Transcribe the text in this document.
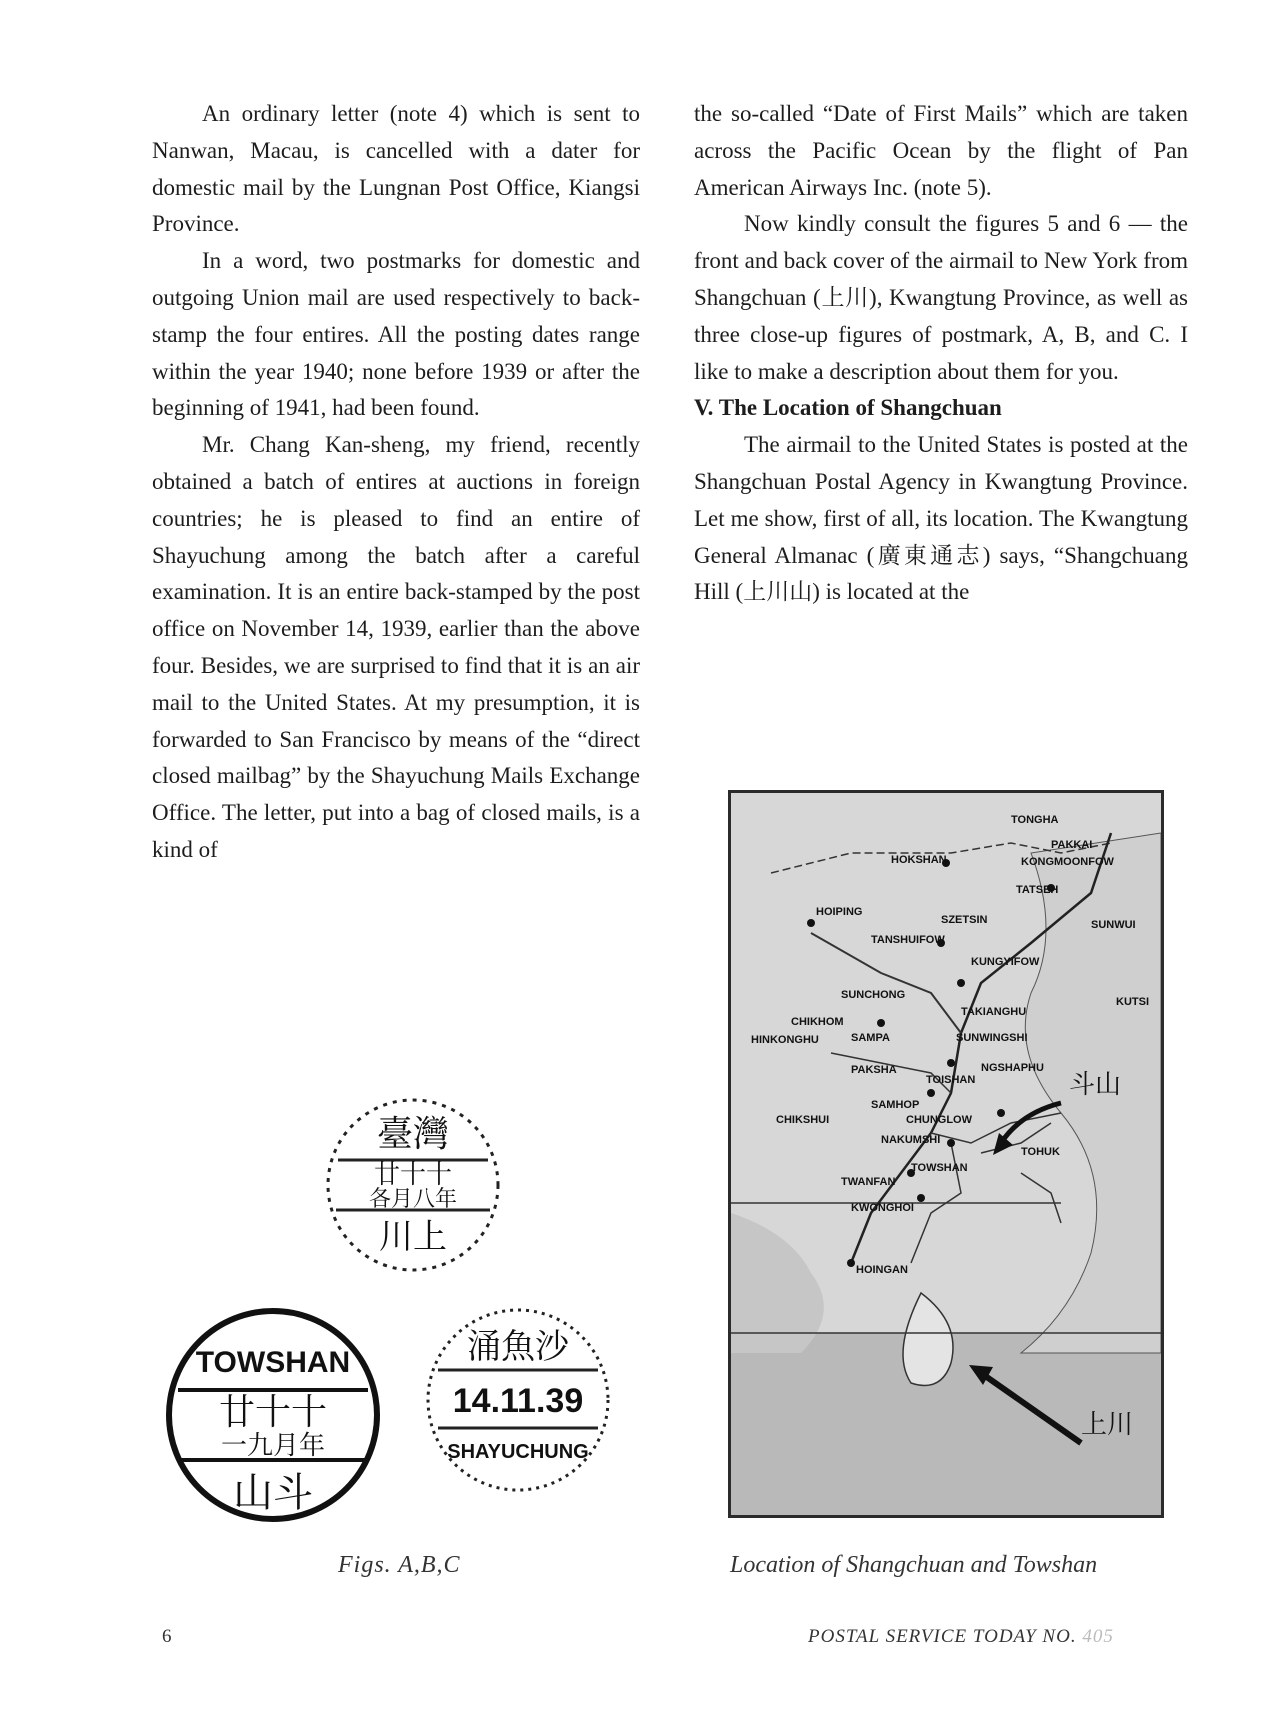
An ordinary letter (note 4) which is sent to Nanwan, Macau, is cancelled with a dater for domestic mail by the Lungnan Post Office, Kiangsi Province.

In a word, two postmarks for domestic and outgoing Union mail are used respectively to back-stamp the four entires. All the posting dates range within the year 1940; none before 1939 or after the beginning of 1941, had been found.

Mr. Chang Kan-sheng, my friend, recently obtained a batch of entires at auctions in foreign countries; he is pleased to find an entire of Shayuchung among the batch after a careful examination. It is an entire back-stamped by the post office on November 14, 1939, earlier than the above four. Besides, we are surprised to find that it is an air mail to the United States. At my presumption, it is forwarded to San Francisco by means of the “direct closed mailbag” by the Shayuchung Mails Exchange Office. The letter, put into a bag of closed mails, is a kind of

the so-called “Date of First Mails” which are taken across the Pacific Ocean by the flight of Pan American Airways Inc. (note 5).

Now kindly consult the figures 5 and 6 — the front and back cover of the airmail to New York from Shangchuan (上川), Kwangtung Province, as well as three close-up figures of postmark, A, B, and C. I like to make a description about them for you.

V. The Location of Shangchuan

The airmail to the United States is posted at the Shangchuan Postal Agency in Kwangtung Province. Let me show, first of all, its location. The Kwangtung General Almanac (廣東通志) says, “Shangchuang Hill (上川山) is located at the

臺灣
廿十十
各月八年
川上
TOWSHAN
廿十十
一九月年
山斗
涌魚沙
14.11.39
SHAYUCHUNG
Figs. A,B,C
TONGHA
PAKKAI
HOKSHAN	KONGMOONFOW
TATSEH
HOIPING
SZETSIN	SUNWUI
TANSHUIFOW
KUNGYIFOW
SUNCHONG
TAKIANGHU
KUTSI
CHIKHOM
HINKONGHU	SAMPA	SUNWINGSHI
PAKSHA
TOISHAN
NGSHAPHU
SAMHOP
CHIKSHUI	CHUNGLOW
NAKUMSHI
TOHUK
TOWSHAN
TWANFAN
KWONGHOI
HOINGAN
斗山
上川
Location of Shangchuan and Towshan
6	POSTAL SERVICE TODAY NO. 405
